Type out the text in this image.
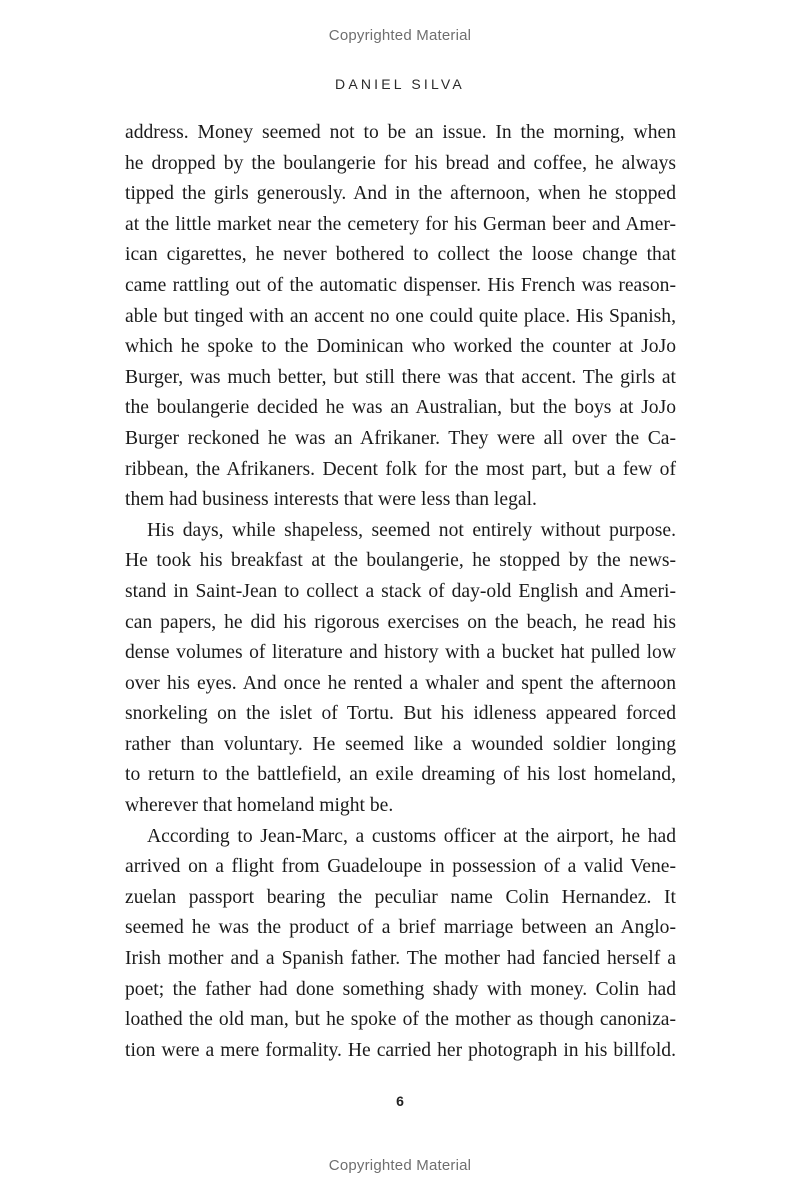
Copyrighted Material
DANIEL SILVA
address. Money seemed not to be an issue. In the morning, when
he dropped by the boulangerie for his bread and coffee, he always
tipped the girls generously. And in the afternoon, when he stopped
at the little market near the cemetery for his German beer and Amer-
ican cigarettes, he never bothered to collect the loose change that
came rattling out of the automatic dispenser. His French was reason-
able but tinged with an accent no one could quite place. His Spanish,
which he spoke to the Dominican who worked the counter at JoJo
Burger, was much better, but still there was that accent. The girls at
the boulangerie decided he was an Australian, but the boys at JoJo
Burger reckoned he was an Afrikaner. They were all over the Ca-
ribbean, the Afrikaners. Decent folk for the most part, but a few of
them had business interests that were less than legal.
His days, while shapeless, seemed not entirely without purpose.
He took his breakfast at the boulangerie, he stopped by the news-
stand in Saint-Jean to collect a stack of day-old English and Ameri-
can papers, he did his rigorous exercises on the beach, he read his
dense volumes of literature and history with a bucket hat pulled low
over his eyes. And once he rented a whaler and spent the afternoon
snorkeling on the islet of Tortu. But his idleness appeared forced
rather than voluntary. He seemed like a wounded soldier longing
to return to the battlefield, an exile dreaming of his lost homeland,
wherever that homeland might be.
According to Jean-Marc, a customs officer at the airport, he had
arrived on a flight from Guadeloupe in possession of a valid Vene-
zuelan passport bearing the peculiar name Colin Hernandez. It
seemed he was the product of a brief marriage between an Anglo-
Irish mother and a Spanish father. The mother had fancied herself a
poet; the father had done something shady with money. Colin had
loathed the old man, but he spoke of the mother as though canoniza-
tion were a mere formality. He carried her photograph in his billfold.
6
Copyrighted Material
